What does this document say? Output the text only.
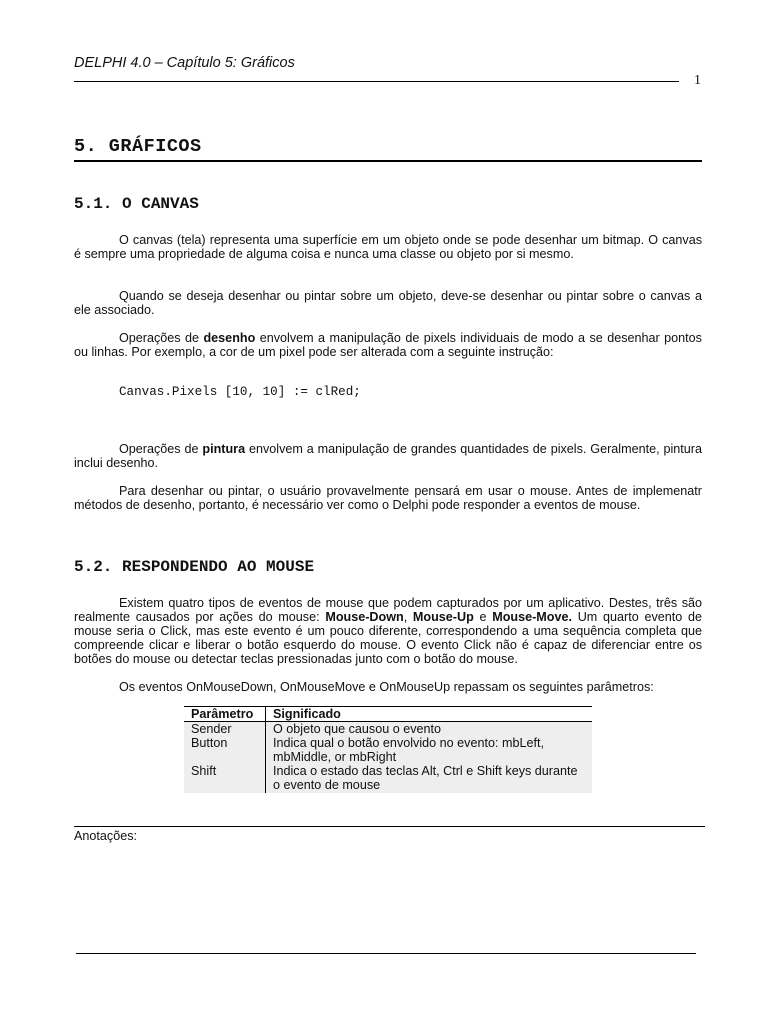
DELPHI 4.0 – Capítulo 5: Gráficos
1
5. GRÁFICOS
5.1. O CANVAS
O canvas (tela) representa uma superfície em um objeto onde se pode desenhar um bitmap. O canvas é sempre uma propriedade de alguma coisa e nunca uma classe ou objeto por si mesmo.
Quando se deseja desenhar ou pintar sobre um objeto, deve-se desenhar ou pintar sobre o canvas a ele associado.
Operações de desenho envolvem a manipulação de pixels individuais de modo a se desenhar pontos ou linhas. Por exemplo, a cor de um pixel pode ser alterada com a seguinte instrução:
Canvas.Pixels [10, 10] := clRed;
Operações de pintura envolvem a manipulação de grandes quantidades de pixels. Geralmente, pintura inclui desenho.
Para desenhar ou pintar, o usuário provavelmente pensará em usar o mouse. Antes de implemenatr métodos de desenho, portanto, é necessário ver como o Delphi pode responder a eventos de mouse.
5.2. RESPONDENDO AO MOUSE
Existem quatro tipos de eventos de mouse que podem capturados por um aplicativo. Destes, três são realmente causados por ações do mouse: Mouse-Down, Mouse-Up e Mouse-Move. Um quarto evento de mouse seria o Click, mas este evento é um pouco diferente, correspondendo a uma sequência completa que compreende clicar e liberar o botão esquerdo do mouse. O evento Click não é capaz de diferenciar entre os botões do mouse ou detectar teclas pressionadas junto com o botão do mouse.
Os eventos OnMouseDown, OnMouseMove e OnMouseUp repassam os seguintes parâmetros:
Parâmetro	Significado
Sender	O objeto que causou o evento
Button	Indica qual o botão envolvido no evento: mbLeft, mbMiddle, or mbRight
Shift	Indica o estado das teclas Alt, Ctrl e Shift keys durante o evento de mouse
Anotações:
